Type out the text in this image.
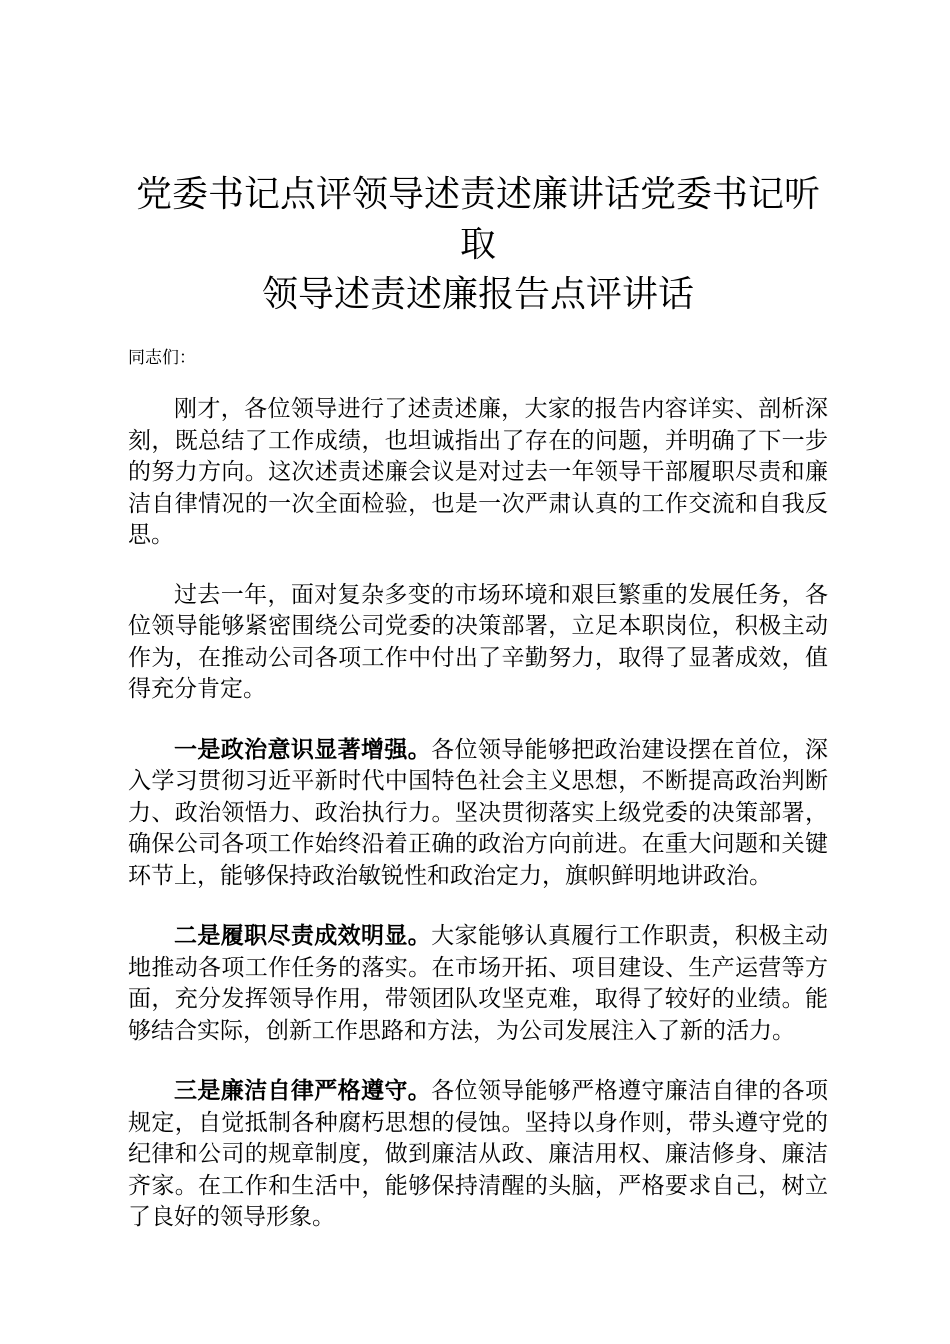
党委书记点评领导述责述廉讲话党委书记听取
领导述责述廉报告点评讲话

同志们：

刚才，各位领导进行了述责述廉，大家的报告内容详实、剖析深刻，既总结了工作成绩，也坦诚指出了存在的问题，并明确了下一步的努力方向。这次述责述廉会议是对过去一年领导干部履职尽责和廉洁自律情况的一次全面检验，也是一次严肃认真的工作交流和自我反思。

过去一年，面对复杂多变的市场环境和艰巨繁重的发展任务，各位领导能够紧密围绕公司党委的决策部署，立足本职岗位，积极主动作为，在推动公司各项工作中付出了辛勤努力，取得了显著成效，值得充分肯定。

一是政治意识显著增强。各位领导能够把政治建设摆在首位，深入学习贯彻习近平新时代中国特色社会主义思想，不断提高政治判断力、政治领悟力、政治执行力。坚决贯彻落实上级党委的决策部署，确保公司各项工作始终沿着正确的政治方向前进。在重大问题和关键环节上，能够保持政治敏锐性和政治定力，旗帜鲜明地讲政治。

二是履职尽责成效明显。大家能够认真履行工作职责，积极主动地推动各项工作任务的落实。在市场开拓、项目建设、生产运营等方面，充分发挥领导作用，带领团队攻坚克难，取得了较好的业绩。能够结合实际，创新工作思路和方法，为公司发展注入了新的活力。

三是廉洁自律严格遵守。各位领导能够严格遵守廉洁自律的各项规定，自觉抵制各种腐朽思想的侵蚀。坚持以身作则，带头遵守党的纪律和公司的规章制度，做到廉洁从政、廉洁用权、廉洁修身、廉洁齐家。在工作和生活中，能够保持清醒的头脑，严格要求自己，树立了良好的领导形象。
